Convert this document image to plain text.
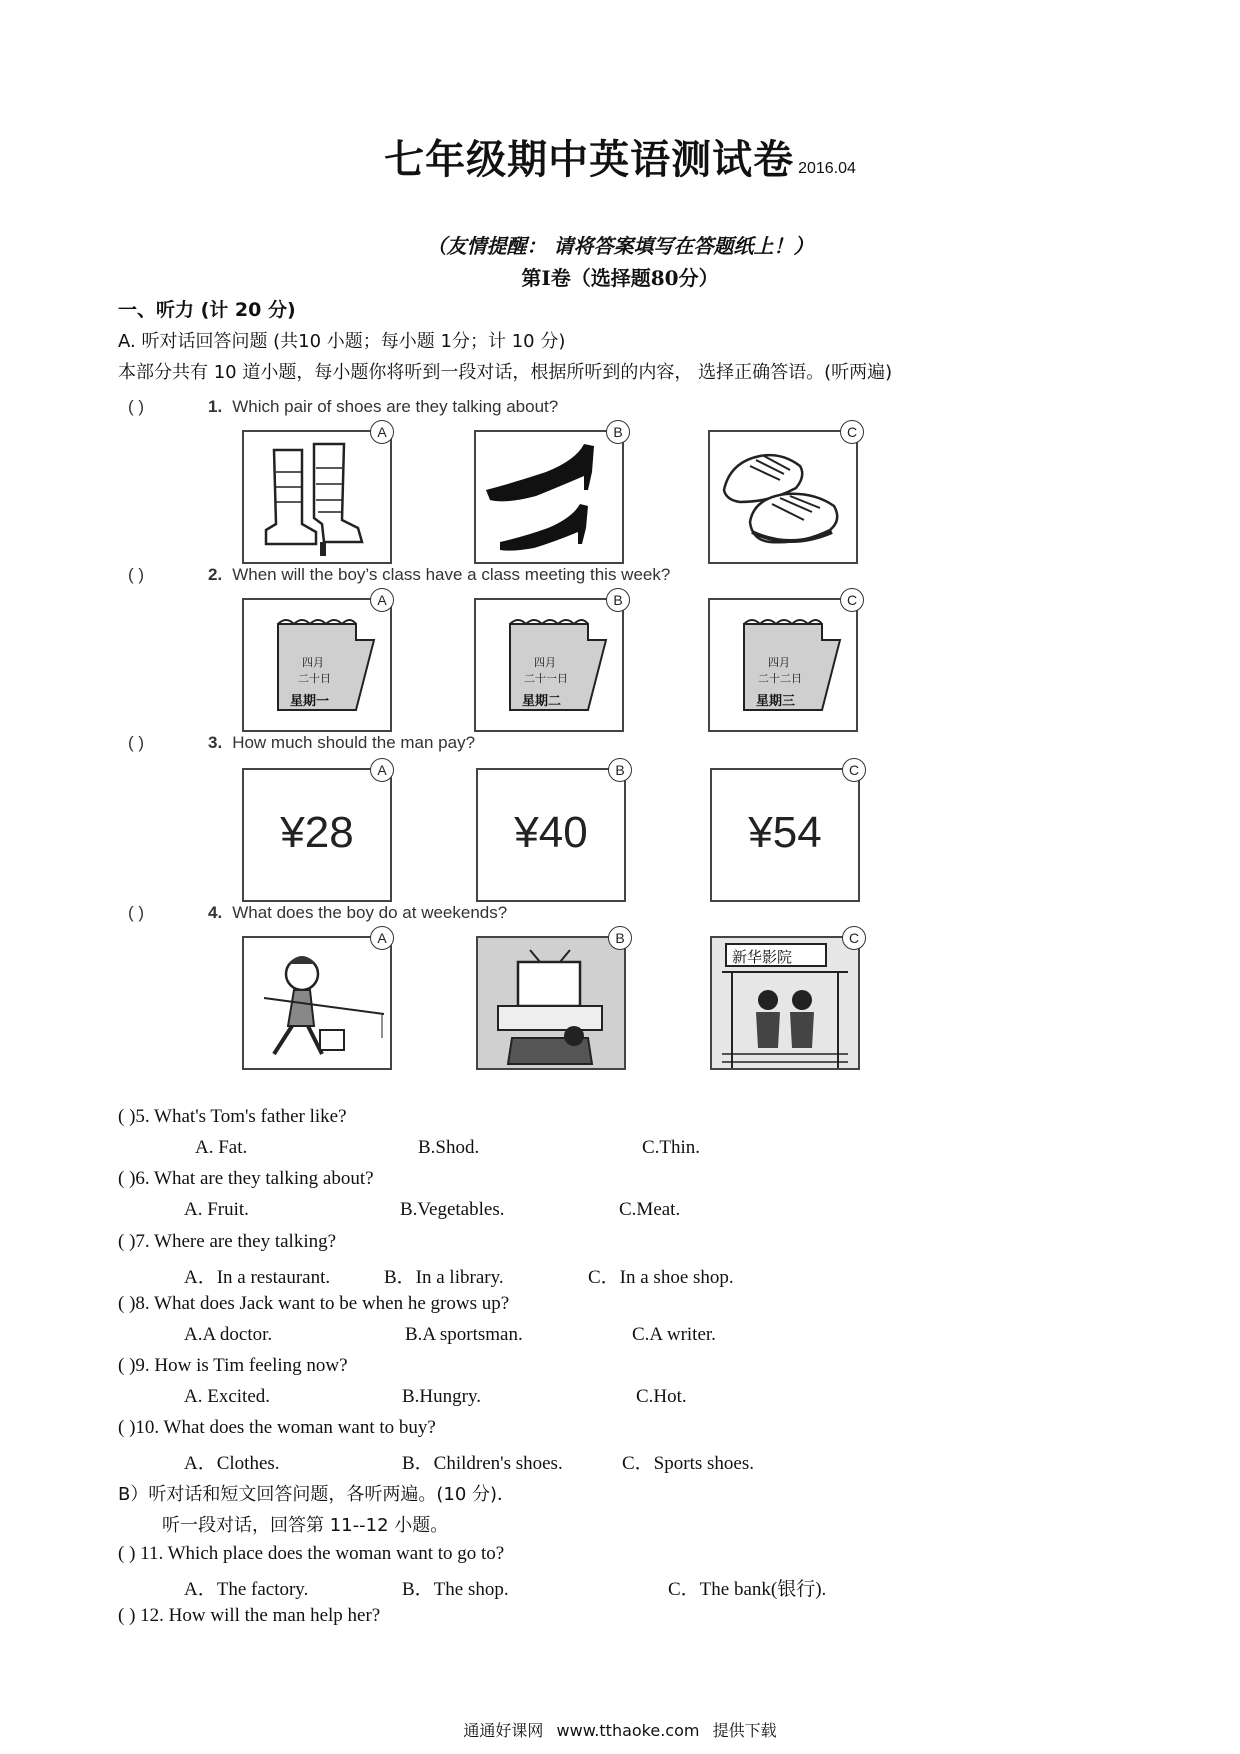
七年级期中英语测试卷 2016.04
（友情提醒： 请将答案填写在答题纸上！）
第Ⅰ卷（选择题80分）
一、听力 (计 20 分)
A. 听对话回答问题 (共10 小题；每小题 1分；计 10 分)
本部分共有 10 道小题，每小题你将听到一段对话，根据所听到的内容， 选择正确答语。(听两遍)
( )	1. Which pair of shoes are they talking about?
A	B	C
( )	2. When will the boy’s class have a class meeting this week?
四月
二十日
星期一
A
四月
二十一日
星期二
B
四月
二十二日
星期三
C
( )	3. How much should the man pay?
¥28
A
¥40
B
¥54
C
( )	4. What does the boy do at weekends?
A	B
新华影院
C
( )5. What's Tom's father like?
A. Fat.	B.Shod.	C.Thin.
( )6. What are they talking about?
A. Fruit.	B.Vegetables.	C.Meat.
( )7. Where are they talking?
A．In a restaurant.	B．In a library.	C．In a shoe shop.
( )8. What does Jack want to be when he grows up?
A.A doctor.	B.A sportsman.	C.A writer.
( )9. How is Tim feeling now?
A. Excited.	B.Hungry.	C.Hot.
( )10. What does the woman want to buy?
A．Clothes.	B．Children's shoes.	C．Sports shoes.
B）听对话和短文回答问题，各听两遍。(10 分)．
听一段对话，回答第 11--12 小题。
( ) 11. Which place does the woman want to go to?
A．The factory.	B．The shop.	C．The bank(银行).
( ) 12. How will the man help her?
通通好课网 www.tthaoke.com 提供下载
